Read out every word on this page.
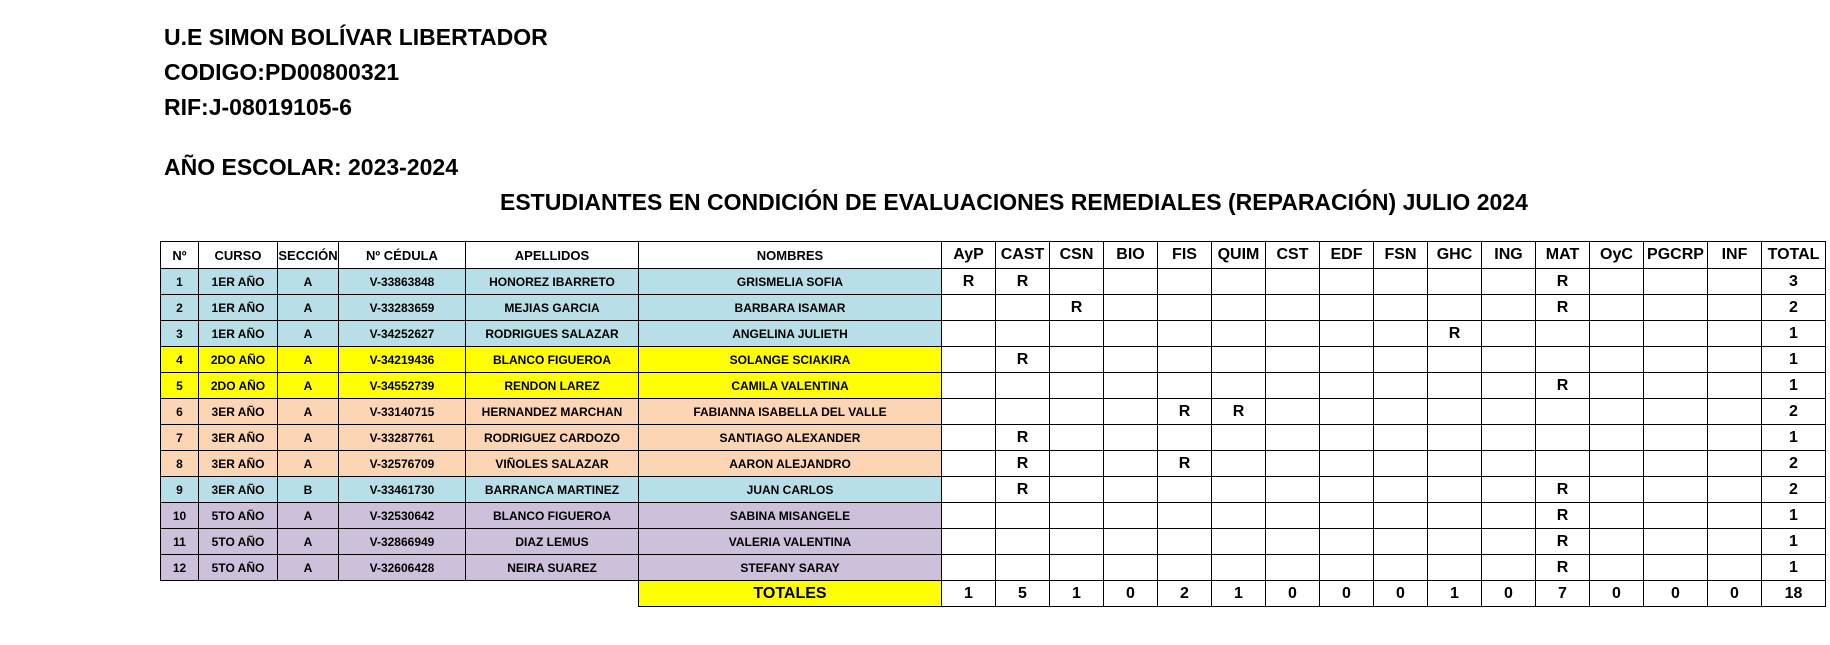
U.E SIMON BOLÍVAR LIBERTADOR
CODIGO:PD00800321
RIF:J-08019105-6
AÑO ESCOLAR: 2023-2024
ESTUDIANTES EN CONDICIÓN DE EVALUACIONES REMEDIALES (REPARACIÓN) JULIO 2024
Nº	CURSO	SECCIÓN	Nº CÉDULA	APELLIDOS	NOMBRES	AyP	CAST	CSN	BIO	FIS	QUIM	CST	EDF	FSN	GHC	ING	MAT	OyC	PGCRP	INF	TOTAL
1	1ER AÑO	A	V-33863848	HONOREZ IBARRETO	GRISMELIA SOFIA	R	R										R				3
2	1ER AÑO	A	V-33283659	MEJIAS GARCIA	BARBARA ISAMAR			R									R				2
3	1ER AÑO	A	V-34252627	RODRIGUES SALAZAR	ANGELINA JULIETH										R						1
4	2DO AÑO	A	V-34219436	BLANCO FIGUEROA	SOLANGE SCIAKIRA		R														1
5	2DO AÑO	A	V-34552739	RENDON LAREZ	CAMILA VALENTINA												R				1
6	3ER AÑO	A	V-33140715	HERNANDEZ MARCHAN	FABIANNA ISABELLA DEL VALLE					R	R										2
7	3ER AÑO	A	V-33287761	RODRIGUEZ CARDOZO	SANTIAGO ALEXANDER		R														1
8	3ER AÑO	A	V-32576709	VIÑOLES SALAZAR	AARON ALEJANDRO		R			R											2
9	3ER AÑO	B	V-33461730	BARRANCA MARTINEZ	JUAN CARLOS		R										R				2
10	5TO AÑO	A	V-32530642	BLANCO FIGUEROA	SABINA MISANGELE												R				1
11	5TO AÑO	A	V-32866949	DIAZ LEMUS	VALERIA VALENTINA												R				1
12	5TO AÑO	A	V-32606428	NEIRA SUAREZ	STEFANY SARAY												R				1
					TOTALES	1	5	1	0	2	1	0	0	0	1	0	7	0	0	0	18
